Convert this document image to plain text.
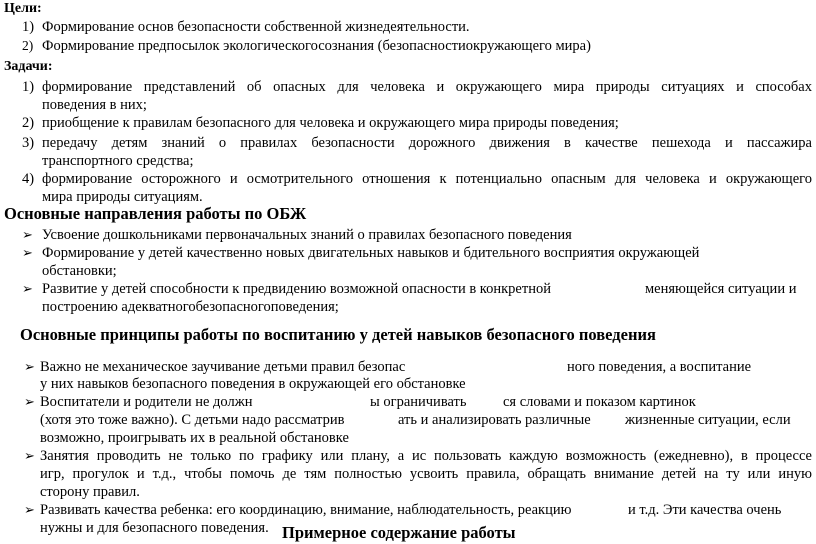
Цели:
1) Формирование основ безопасности собственной жизнедеятельности.
2) Формирование предпосылок экологическогосознания (безопасностиокружающего мира)
Задачи:
1) формирование представлений об опасных для человека и окружающего мира природы ситуациях и способах
поведения в них;
2) приобщение к правилам безопасного для человека и окружающего мира природы поведения;
3) передачу детям знаний о правилах безопасности дорожного движения в качестве пешехода и пассажира
транспортного средства;
4) формирование осторожного и осмотрительного отношения к потенциально опасным для человека и окружающего
мира природы ситуациям.
Основные направления работы по ОБЖ
➢ Усвоение дошкольниками первоначальных знаний о правилах безопасного поведения
➢ Формирование у детей качественно новых двигательных навыков и бдительного восприятия окружающей
обстановки;
➢ Развитие у детей способности к предвидению возможной опасности в конкретной	меняющейся ситуации и
построению адекватногобезопасногоповедения;
Основные принципы работы по воспитанию у детей навыков безопасного поведения
➢ Важно не механическое заучивание детьми правил безопас	ного поведения, а воспитание
у них навыков безопасного поведения в окружающей его обстановке
➢ Воспитатели и родители не должн	ы ограничивать	ся словами и показом картинок
(хотя это тоже важно). С детьми надо рассматрив	ать и анализировать различные жизненные ситуации, если
возможно, проигрывать их в реальной обстановке
➢ Занятия проводить не только по графику или плану, а ис пользовать каждую возможность (ежедневно), в процессе
игр, прогулок и т.д., чтобы помочь де тям полностью усвоить правила, обращать внимание детей на ту или иную
сторону правил.
➢ Развивать качества ребенка: его координацию, внимание, наблюдательность, реакцию	и т.д. Эти качества очень
нужны и для безопасного поведения. Примерное содержание работы
